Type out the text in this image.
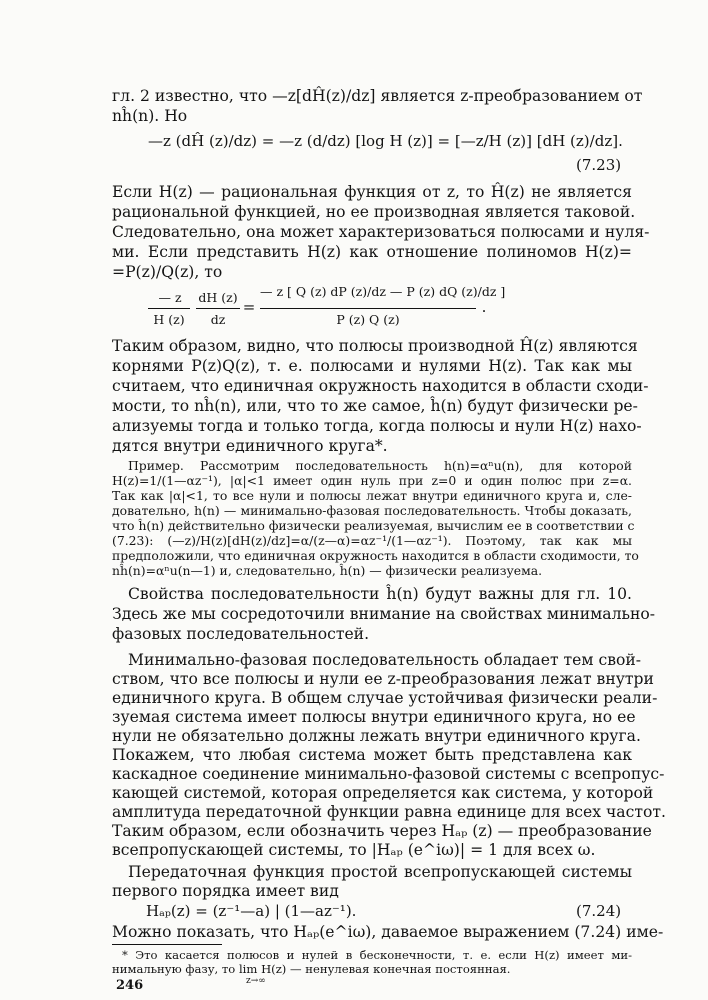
гл. 2 известно, что —z[dĤ(z)/dz] является z-преобразованием от
nĥ(n). Но
—z (dĤ (z)/dz) = —z (d/dz) [log H (z)] = [—z/H (z)] [dH (z)/dz].
(7.23)
Если H(z) — рациональная функция от z, то Ĥ(z) не является
рациональной функцией, но ее производная является таковой.
Следовательно, она может характеризоваться полюсами и нуля-
ми. Если представить H(z) как отношение полиномов H(z)=
=P(z)/Q(z), то
— z
H (z)
dH (z)
dz
=
— z [ Q (z) dP (z)/dz — P (z) dQ (z)/dz ]
P (z) Q (z)
.
Таким образом, видно, что полюсы производной Ĥ(z) являются
корнями P(z)Q(z), т. е. полюсами и нулями H(z). Так как мы
считаем, что единичная окружность находится в области сходи-
мости, то nĥ(n), или, что то же самое, ĥ(n) будут физически ре-
ализуемы тогда и только тогда, когда полюсы и нули H(z) нахо-
дятся внутри единичного круга*.
Пример. Рассмотрим последовательность h(n)=αⁿu(n), для которой
H(z)=1/(1—αz⁻¹), |α|<1 имеет один нуль при z=0 и один полюс при z=α.
Так как |α|<1, то все нули и полюсы лежат внутри единичного круга и, сле-
довательно, h(n) — минимально-фазовая последовательность. Чтобы доказать,
что ĥ(n) действительно физически реализуемая, вычислим ее в соответствии с
(7.23): (—z)/H(z)[dH(z)/dz]=α/(z—α)=αz⁻¹/(1—αz⁻¹). Поэтому, так как мы
предположили, что единичная окружность находится в области сходимости, то
nĥ(n)=αⁿu(n—1) и, следовательно, ĥ(n) — физически реализуема.
Свойства последовательности ĥ(n) будут важны для гл. 10.
Здесь же мы сосредоточили внимание на свойствах минимально-
фазовых последовательностей.
Минимально-фазовая последовательность обладает тем свой-
ством, что все полюсы и нули ее z-преобразования лежат внутри
единичного круга. В общем случае устойчивая физически реали-
зуемая система имеет полюсы внутри единичного круга, но ее
нули не обязательно должны лежать внутри единичного круга.
Покажем, что любая система может быть представлена как
каскадное соединение минимально-фазовой системы с всепропус-
кающей системой, которая определяется как система, у которой
амплитуда передаточной функции равна единице для всех частот.
Таким образом, если обозначить через Hₐₚ (z) — преобразование
всепропускающей системы, то |Hₐₚ (e^iω)| = 1 для всех ω.
Передаточная функция простой всепропускающей системы
первого порядка имеет вид
Hₐₚ(z) = (z⁻¹—a) | (1—az⁻¹).	(7.24)
Можно показать, что Hₐₚ(e^iω), даваемое выражением (7.24) име-
* Это касается полюсов и нулей в бесконечности, т. е. если H(z) имеет ми-
нимальную фазу, то lim H(z) — ненулевая конечная постоянная.
z→∞
246
